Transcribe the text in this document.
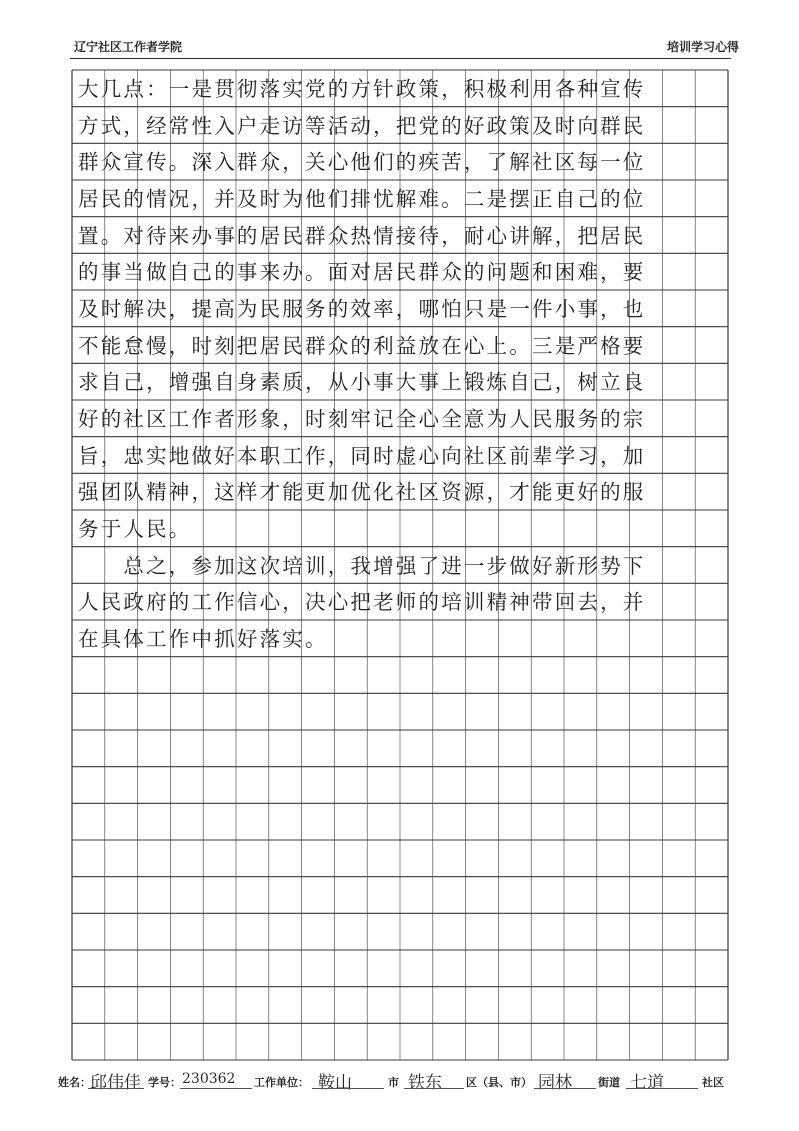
辽宁社区工作者学院	培训学习心得
大几点：一是贯彻落实党的方针政策，积极利用各种宣传
方式，经常性入户走访等活动，把党的好政策及时向群民
群众宣传。深入群众，关心他们的疾苦，了解社区每一位
居民的情况，并及时为他们排忧解难。二是摆正自己的位
置。对待来办事的居民群众热情接待，耐心讲解，把居民
的事当做自己的事来办。面对居民群众的问题和困难，要
及时解决，提高为民服务的效率，哪怕只是一件小事，也
不能怠慢，时刻把居民群众的利益放在心上。三是严格要
求自己，增强自身素质，从小事大事上锻炼自己，树立良
好的社区工作者形象，时刻牢记全心全意为人民服务的宗
旨，忠实地做好本职工作，同时虚心向社区前辈学习，加
强团队精神，这样才能更加优化社区资源，才能更好的服
务于人民。
　　总之，参加这次培训，我增强了进一步做好新形势下
人民政府的工作信心，决心把老师的培训精神带回去，并
在具体工作中抓好落实。
姓名： 邱伟佳 学号： 230362 工作单位： 鞍山	市 铁东 区（县、市） 园林 街道 七道	社区
